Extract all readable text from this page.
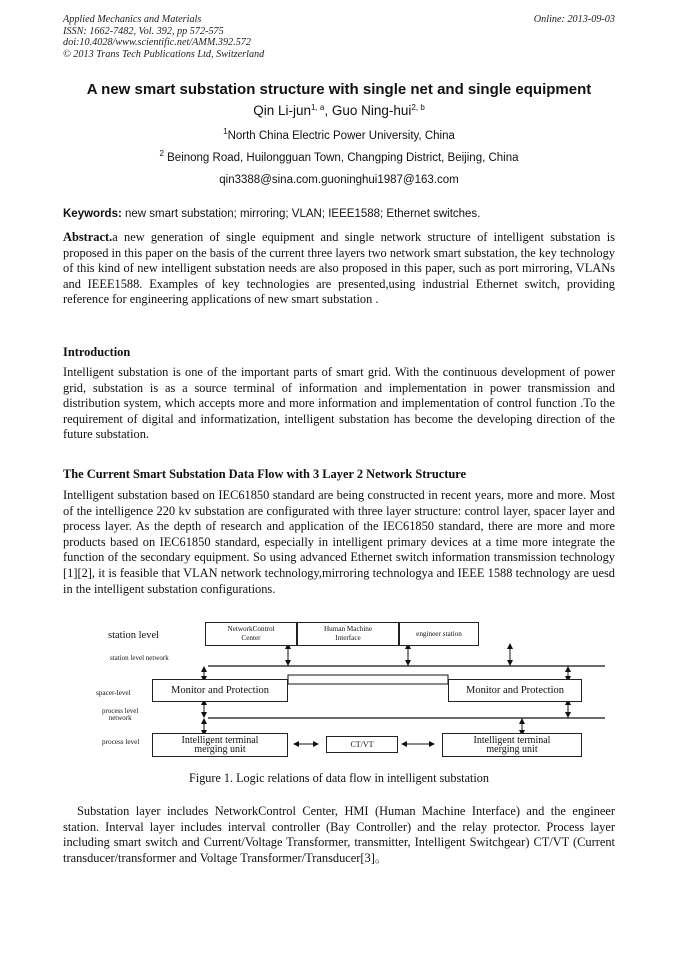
Applied Mechanics and Materials
ISSN: 1662-7482, Vol. 392, pp 572-575
doi:10.4028/www.scientific.net/AMM.392.572
© 2013 Trans Tech Publications Ltd, Switzerland
Online: 2013-09-03
A new smart substation structure with single net and single equipment
Qin Li-jun$^{1, a}$, Guo Ning-hui$^{2, b}$
$^1$North China Electric Power University, China
$^2$ Beinong Road, Huilongguan Town, Changping District, Beijing, China
qin3388@sina.com.guoninghui1987@163.com
Keywords: new smart substation; mirroring; VLAN; IEEE1588; Ethernet switches.
Abstract.a new generation of single equipment and single network structure of intelligent substation is proposed in this paper on the basis of the current three layers two network smart substation, the key technology of this kind of new intelligent substation needs are also proposed in this paper, such as port mirroring, VLANs and IEEE1588. Examples of key technologies are presented,using industrial Ethernet switch, providing reference for engineering applications of new smart substation .
Introduction
Intelligent substation is one of the important parts of smart grid. With the continuous development of power grid, substation is as a source terminal of information and implementation in power transmission and distribution system, which accepts more and more information and implementation of control function .To the requirement of digital and informatization, intelligent substation has become the developing direction of the future substation.
The Current Smart Substation Data Flow with 3 Layer 2 Network Structure
Intelligent substation based on IEC61850 standard are being constructed in recent years, more and more. Most of the intelligence 220 kv substation are configurated with three layer structure: control layer, spacer layer and process layer. As the depth of research and application of the IEC61850 standard, there are more and more products based on IEC61850 standard, especially in intelligent primary devices at a time more integrate the function of the secondary equipment. So using advanced Ethernet switch information transmission technology [1][2], it is feasible that VLAN network technology,mirroring technologya and IEEE 1588 technology are uesd in the intelligent substation configurations.
station level
station level network
spacer-level
process level
network
process level
NetworkControl
Center
Human Machine
Interface
engineer station
Monitor and Protection	Monitor and Protection
Intelligent terminal
merging unit	CT/VT	Intelligent terminal
merging unit
Figure 1. Logic relations of data flow in intelligent substation
Substation layer includes NetworkControl Center, HMI (Human Machine Interface) and the engineer station. Interval layer includes interval controller (Bay Controller) and the relay protector. Process layer including smart switch and Current/Voltage Transformer, transmitter, Intelligent Switchgear) CT/VT (Current transducer/transformer and Voltage Transformer/Transducer[3]。
